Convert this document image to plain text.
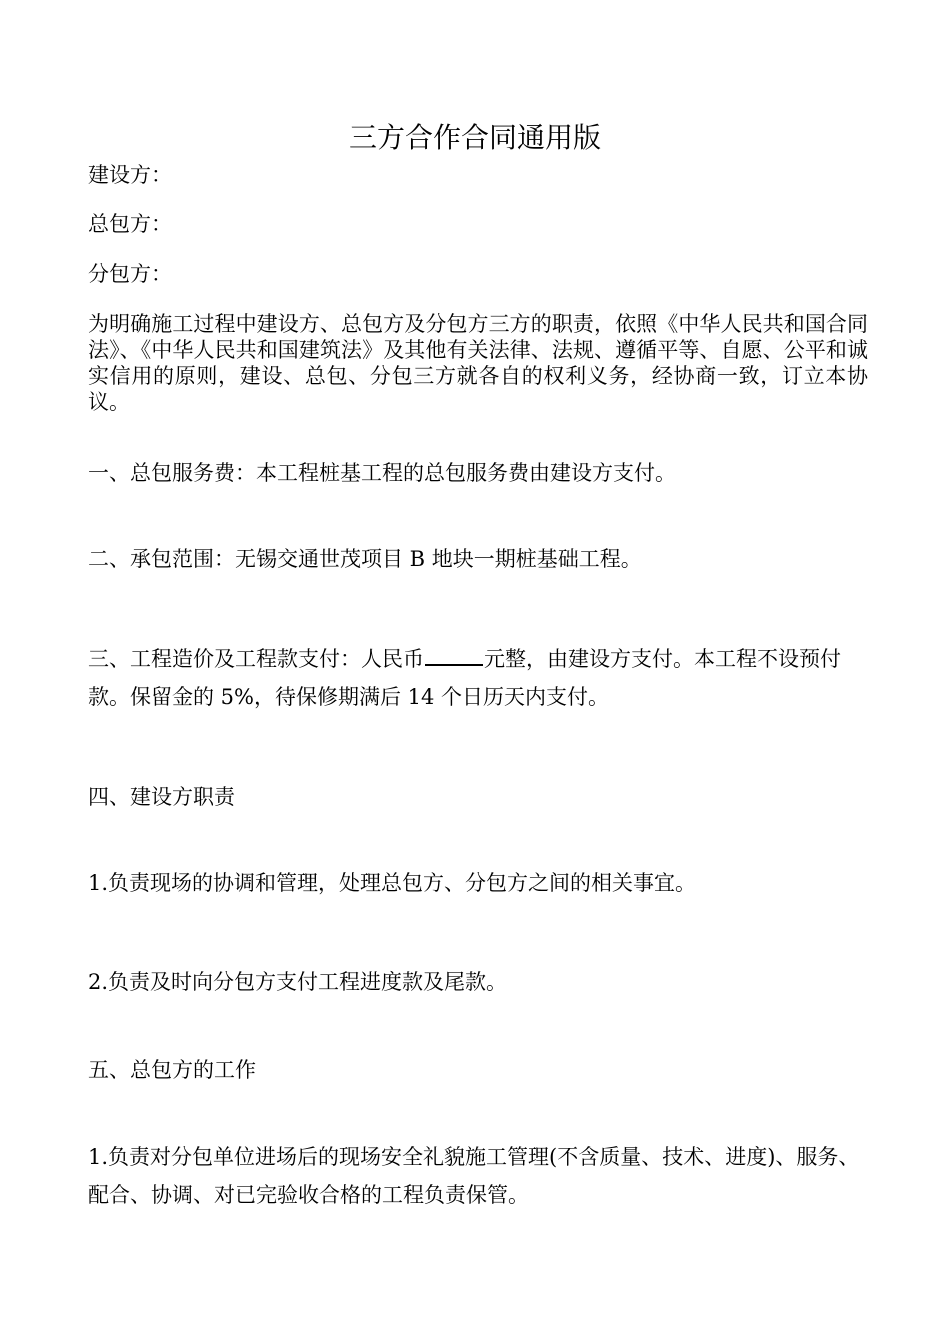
三方合作合同通用版

建设方：

总包方：

分包方：

为明确施工过程中建设方、总包方及分包方三方的职责，依照《中华人民共和国合同法》、《中华人民共和国建筑法》及其他有关法律、法规、遵循平等、自愿、公平和诚实信用的原则，建设、总包、分包三方就各自的权利义务，经协商一致，订立本协议。

一、总包服务费：本工程桩基工程的总包服务费由建设方支付。

二、承包范围：无锡交通世茂项目 B 地块一期桩基础工程。

三、工程造价及工程款支付：人民币	元整，由建设方支付。本工程不设预付款。保留金的 5%，待保修期满后 14 个日历天内支付。

四、建设方职责

1.负责现场的协调和管理，处理总包方、分包方之间的相关事宜。

2.负责及时向分包方支付工程进度款及尾款。

五、总包方的工作

1.负责对分包单位进场后的现场安全礼貌施工管理(不含质量、技术、进度)、服务、配合、协调、对已完验收合格的工程负责保管。
